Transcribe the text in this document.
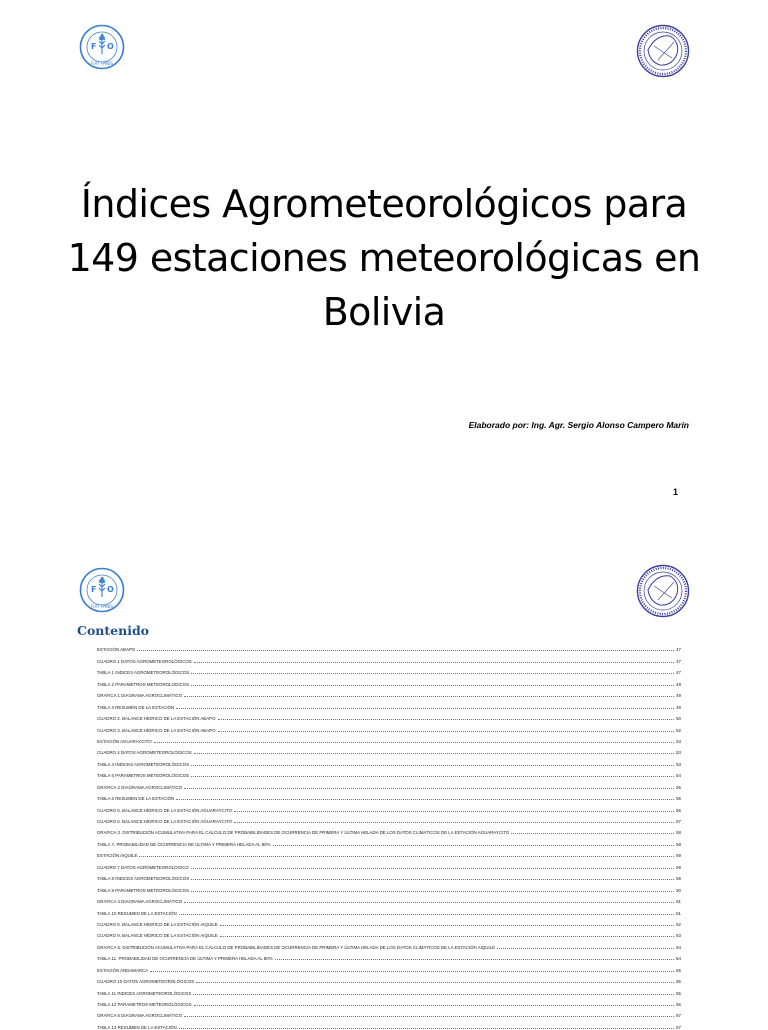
F
A
O
FIAT PANIS
Índices Agrometeorológicos para
149 estaciones meteorológicas en
Bolivia
Elaborado por: Ing. Agr. Sergio Alonso Campero Marin
1
F
A
O
FIAT PANIS
Contenido
ESTACIÓN ABAPO	47
CUADRO 1 DATOS AGROMETEOROLÓGICOS	47
TABLA 1 INDICES AGROMETEOROLÓGICOS	47
TABLA 2 PARAMETROS METEOROLOGICOS	48
GRÁFICA 1 DIAGRAMA AGROCLIMÁTICO	49
TABLA 3 RESUMEN DE LA ESTACIÓN	49
CUADRO 2. BALANCE HÍDRICO DE LA ESTACIÓN ABAPO	50
CUADRO 3. BALANCE HÍDRICO DE LA ESTACIÓN ABAPO	52
ESTACIÓN AGUARAYCITO	53
CUADRO 4 DATOS AGROMETEOROLÓGICOS	53
TABLA 4 INDICES AGROMETEOROLÓGICOS	53
TABLA 5 PARAMETROS METEOROLÓGICOS	54
GRÁFICA 2 DIAGRAMA AGROCLIMÁTICO	55
TABLA 6 RESUMEN DE LA ESTACIÓN	55
CUADRO 5. BALANCE HÍDRICO DE LA ESTACIÓN AGUARAYCITO	56
CUADRO 6. BALANCE HÍDRICO DE LA ESTACIÓN AGUARAYCITO	57
GRAFICA 3. DISTRIBUCIÓN ACUMULATIVA PARA EL CÁLCULO DE PROBABILIDADES DE OCURRENCIA DE PRIMERA Y ÚLTIMA HELADA DE LOS DATOS CLIMÁTICOS DE LA ESTACIÓN AGUARAYCITO	58
TABLA 7. PROBABILIDAD DE OCURRENCIA DE ÚLTIMA Y PRIMERA HELADA AL 80%	58
ESTACIÓN AIQUILE	59
CUADRO 7 DATOS AGROMETEOROLOGICO	59
TABLA 8 INDICES AGROMETEOROLÓGICOS	59
TABLA 9 PARAMETROS METEOROLÓGICOS	60
GRÁFICA 4 DIAGRAMA AGROCLIMÁTICO	61
TABLA 10 RESUMEN DE LA ESTACIÓN	61
CUADRO 8. BALANCE HÍDRICO DE LA ESTACIÓN AIQUILE	62
CUADRO 9. BALANCE HÍDRICO DE LA ESTACIÓN AIQUILE	63
GRAFICA 5. DISTRIBUCIÓN ACUMULATIVA PARA EL CÁLCULO DE PROBABILIDADES DE OCURRENCIA DE PRIMERA Y ÚLTIMA HELADA DE LOS DATOS CLIMÁTICOS DE LA ESTACIÓN AIQUILE	64
TABLA 11. PROBABILIDAD DE OCURRENCIA DE ÚLTIMA Y PRIMERA HELADA AL 80%	64
ESTACIÓN ANDAMARCA	65
CUADRO 10 DATOS AGROMETEOROLÓGICOS	65
TABLA 11 INDICES AGROMETEOROLÓGICOS	65
TABLA 12 PARAMETROS METEOROLÓGICOS	66
GRÁFICA 6 DIAGRAMA AGROCLIMÁTICO	67
TABLA 13 RESUMEN DE LA ESTACIÓN	67
